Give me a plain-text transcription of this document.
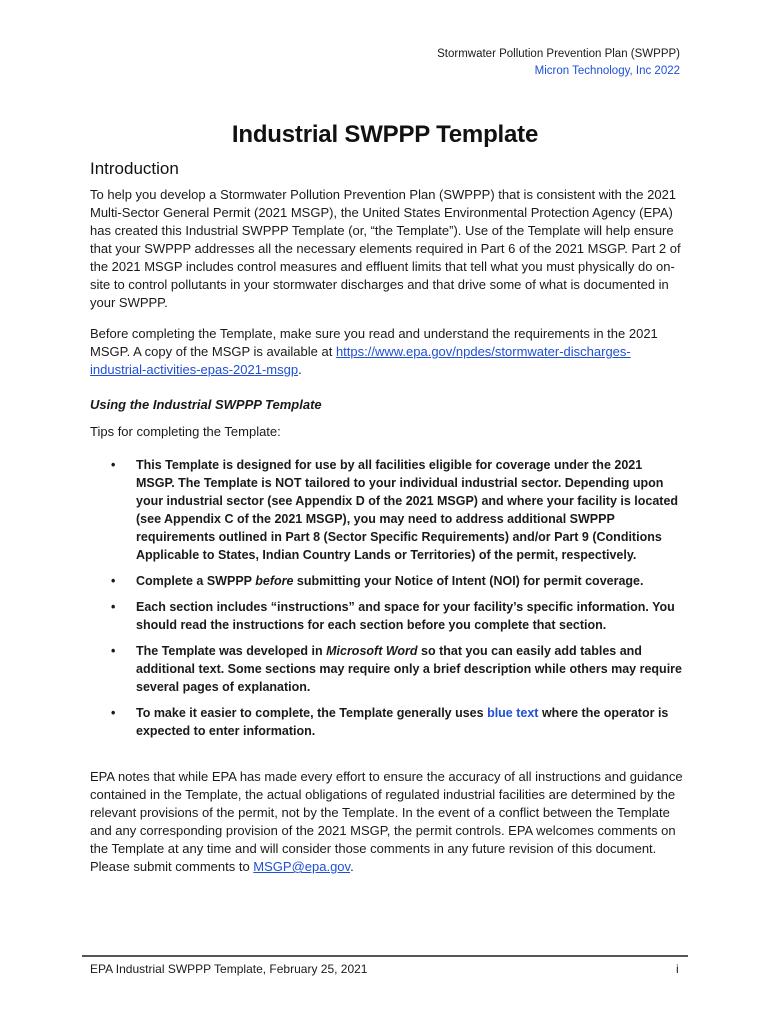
Stormwater Pollution Prevention Plan (SWPPP)
Micron Technology, Inc 2022
Industrial SWPPP Template
Introduction
To help you develop a Stormwater Pollution Prevention Plan (SWPPP) that is consistent with the 2021 Multi-Sector General Permit (2021 MSGP), the United States Environmental Protection Agency (EPA) has created this Industrial SWPPP Template (or, “the Template”). Use of the Template will help ensure that your SWPPP addresses all the necessary elements required in Part 6 of the 2021 MSGP. Part 2 of the 2021 MSGP includes control measures and effluent limits that tell what you must physically do on-site to control pollutants in your stormwater discharges and that drive some of what is documented in your SWPPP.
Before completing the Template, make sure you read and understand the requirements in the 2021 MSGP. A copy of the MSGP is available at https://www.epa.gov/npdes/stormwater-discharges-industrial-activities-epas-2021-msgp.
Using the Industrial SWPPP Template
Tips for completing the Template:
• This Template is designed for use by all facilities eligible for coverage under the 2021 MSGP. The Template is NOT tailored to your individual industrial sector. Depending upon your industrial sector (see Appendix D of the 2021 MSGP) and where your facility is located (see Appendix C of the 2021 MSGP), you may need to address additional SWPPP requirements outlined in Part 8 (Sector Specific Requirements) and/or Part 9 (Conditions Applicable to States, Indian Country Lands or Territories) of the permit, respectively.
• Complete a SWPPP before submitting your Notice of Intent (NOI) for permit coverage.
• Each section includes “instructions” and space for your facility’s specific information. You should read the instructions for each section before you complete that section.
• The Template was developed in Microsoft Word so that you can easily add tables and additional text. Some sections may require only a brief description while others may require several pages of explanation.
• To make it easier to complete, the Template generally uses blue text where the operator is expected to enter information.
EPA notes that while EPA has made every effort to ensure the accuracy of all instructions and guidance contained in the Template, the actual obligations of regulated industrial facilities are determined by the relevant provisions of the permit, not by the Template. In the event of a conflict between the Template and any corresponding provision of the 2021 MSGP, the permit controls. EPA welcomes comments on the Template at any time and will consider those comments in any future revision of this document. Please submit comments to MSGP@epa.gov.
EPA Industrial SWPPP Template, February 25, 2021	i
